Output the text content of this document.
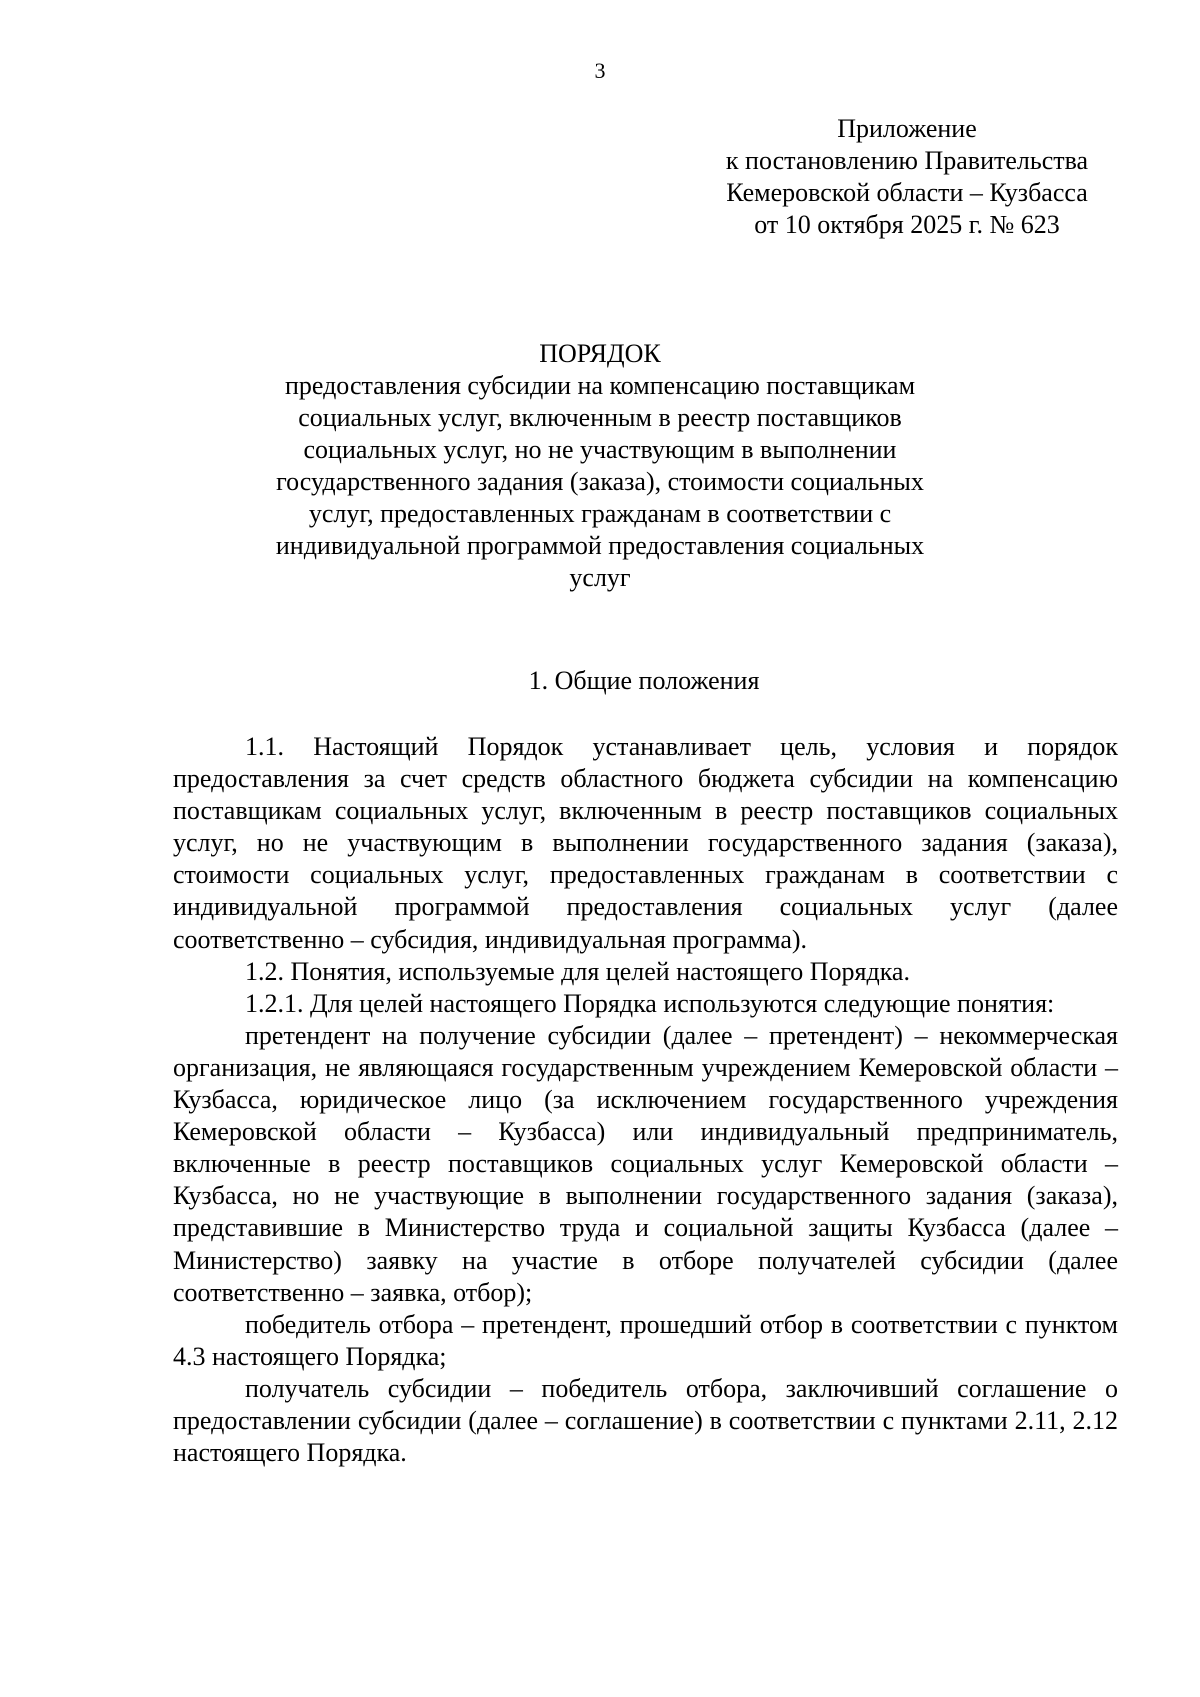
3
Приложение
к постановлению Правительства
Кемеровской области – Кузбасса
от 10 октября 2025 г. № 623
ПОРЯДОК
предоставления субсидии на компенсацию поставщикам
социальных услуг, включенным в реестр поставщиков
социальных услуг, но не участвующим в выполнении
государственного задания (заказа), стоимости социальных
услуг, предоставленных гражданам в соответствии с
индивидуальной программой предоставления социальных
услуг
1. Общие положения

1.1. Настоящий Порядок устанавливает цель, условия и порядок предоставления за счет средств областного бюджета субсидии на компенсацию поставщикам социальных услуг, включенным в реестр поставщиков социальных услуг, но не участвующим в выполнении государственного задания (заказа), стоимости социальных услуг, предоставленных гражданам в соответствии с индивидуальной программой предоставления социальных услуг (далее соответственно – субсидия, индивидуальная программа).

1.2. Понятия, используемые для целей настоящего Порядка.

1.2.1. Для целей настоящего Порядка используются следующие понятия:

претендент на получение субсидии (далее – претендент) – некоммерческая организация, не являющаяся государственным учреждением Кемеровской области – Кузбасса, юридическое лицо (за исключением государственного учреждения Кемеровской области – Кузбасса) или индивидуальный предприниматель, включенные в реестр поставщиков социальных услуг Кемеровской области – Кузбасса, но не участвующие в выполнении государственного задания (заказа), представившие в Министерство труда и социальной защиты Кузбасса (далее – Министерство) заявку на участие в отборе получателей субсидии (далее соответственно – заявка, отбор);

победитель отбора – претендент, прошедший отбор в соответствии с пунктом 4.3 настоящего Порядка;

получатель субсидии – победитель отбора, заключивший соглашение о предоставлении субсидии (далее – соглашение) в соответствии с пунктами 2.11, 2.12 настоящего Порядка.
